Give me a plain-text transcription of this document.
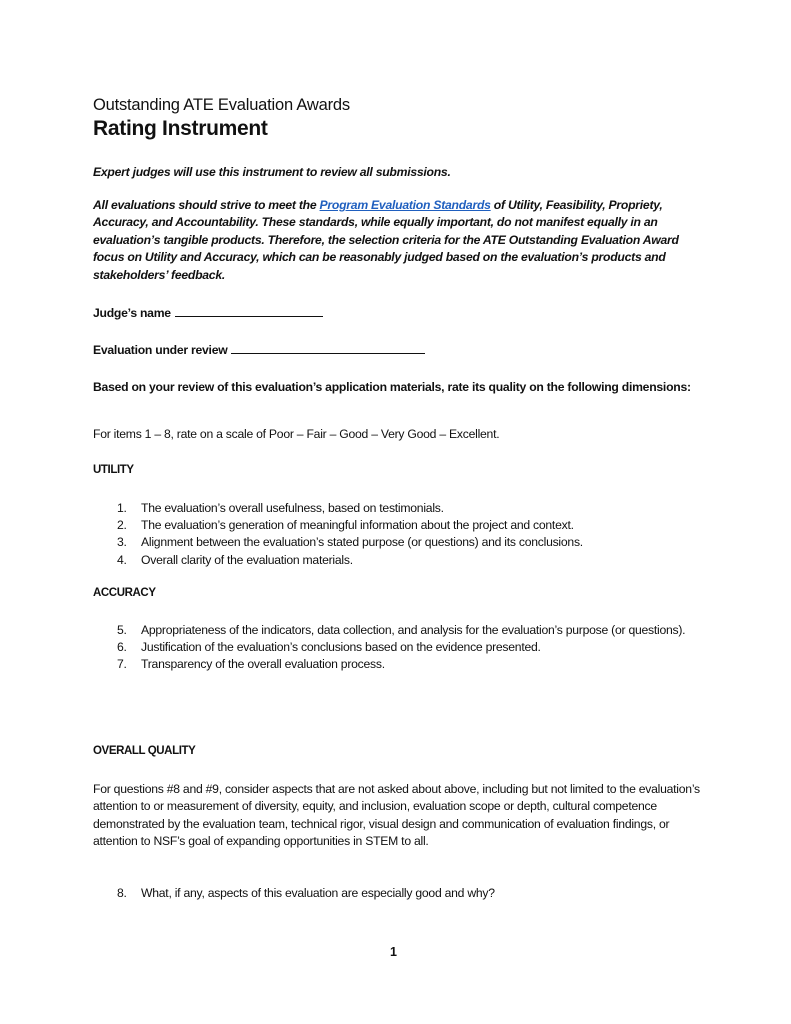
Outstanding ATE Evaluation Awards
Rating Instrument
Expert judges will use this instrument to review all submissions.
All evaluations should strive to meet the Program Evaluation Standards of Utility, Feasibility, Propriety, Accuracy, and Accountability. These standards, while equally important, do not manifest equally in an evaluation’s tangible products. Therefore, the selection criteria for the ATE Outstanding Evaluation Award focus on Utility and Accuracy, which can be reasonably judged based on the evaluation’s products and stakeholders’ feedback.
Judge’s name
Evaluation under review
Based on your review of this evaluation’s application materials, rate its quality on the following dimensions:
For items 1 – 8, rate on a scale of Poor – Fair – Good – Very Good – Excellent.
UTILITY
1. The evaluation’s overall usefulness, based on testimonials.
2. The evaluation’s generation of meaningful information about the project and context.
3. Alignment between the evaluation’s stated purpose (or questions) and its conclusions.
4. Overall clarity of the evaluation materials.
ACCURACY
5. Appropriateness of the indicators, data collection, and analysis for the evaluation’s purpose (or questions).
6. Justification of the evaluation’s conclusions based on the evidence presented.
7. Transparency of the overall evaluation process.
OVERALL QUALITY
For questions #8 and #9, consider aspects that are not asked about above, including but not limited to the evaluation’s attention to or measurement of diversity, equity, and inclusion, evaluation scope or depth, cultural competence demonstrated by the evaluation team, technical rigor, visual design and communication of evaluation findings, or attention to NSF’s goal of expanding opportunities in STEM to all.
8. What, if any, aspects of this evaluation are especially good and why?
1
